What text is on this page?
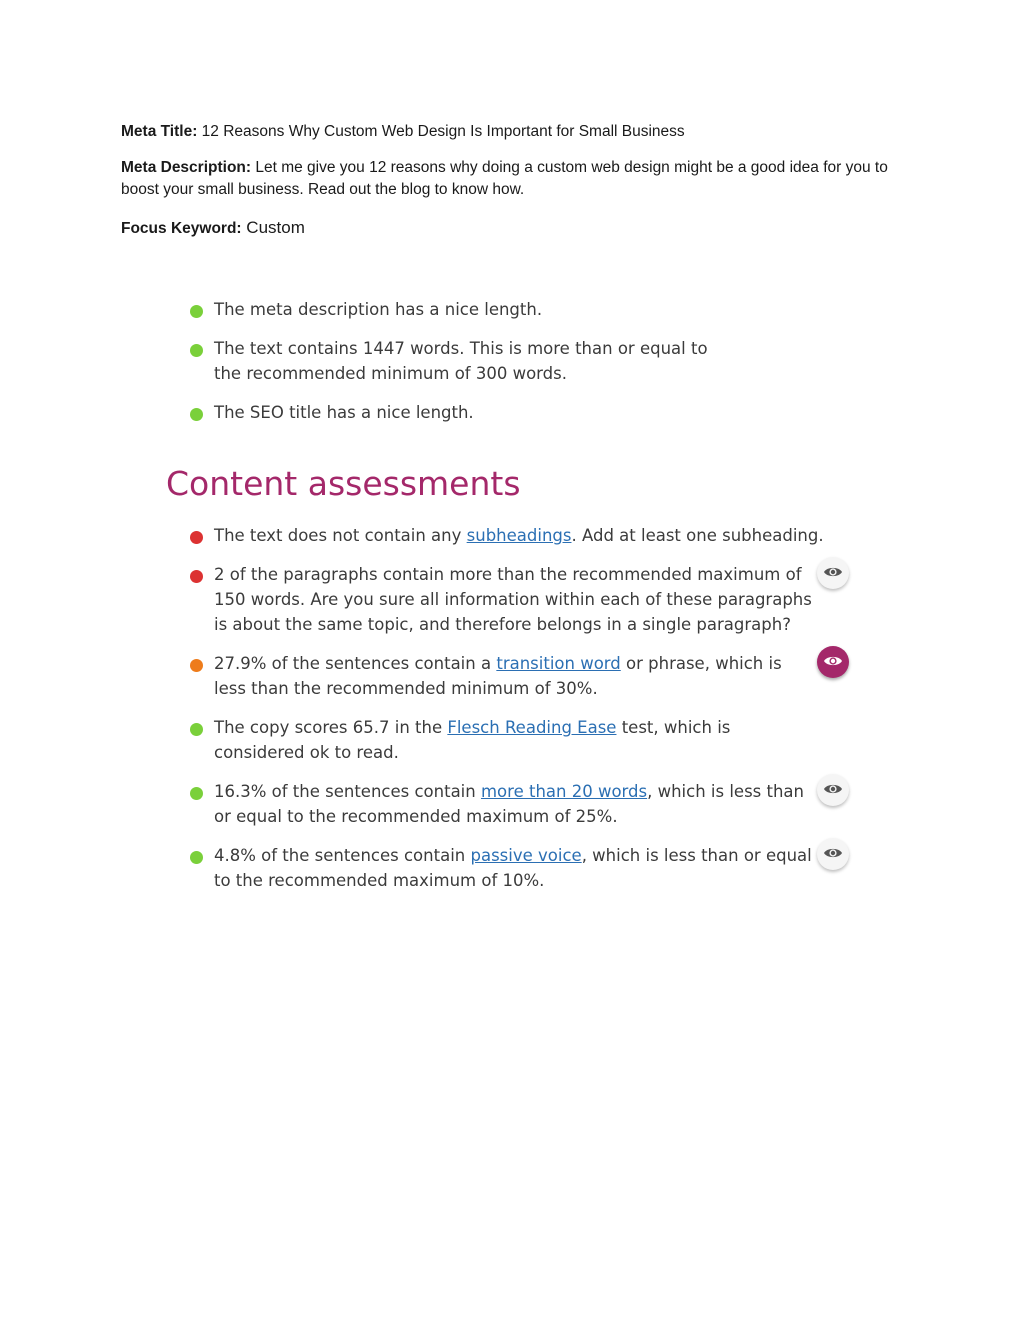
Meta Title: 12 Reasons Why Custom Web Design Is Important for Small Business
Meta Description: Let me give you 12 reasons why doing a custom web design might be a good idea for you to boost your small business. Read out the blog to know how.
Focus Keyword: Custom
The meta description has a nice length.
The text contains 1447 words. This is more than or equal to the recommended minimum of 300 words.
The SEO title has a nice length.
Content assessments
The text does not contain any subheadings. Add at least one subheading.
2 of the paragraphs contain more than the recommended maximum of 150 words. Are you sure all information within each of these paragraphs is about the same topic, and therefore belongs in a single paragraph?
27.9% of the sentences contain a transition word or phrase, which is less than the recommended minimum of 30%.
The copy scores 65.7 in the Flesch Reading Ease test, which is considered ok to read.
16.3% of the sentences contain more than 20 words, which is less than or equal to the recommended maximum of 25%.
4.8% of the sentences contain passive voice, which is less than or equal to the recommended maximum of 10%.
